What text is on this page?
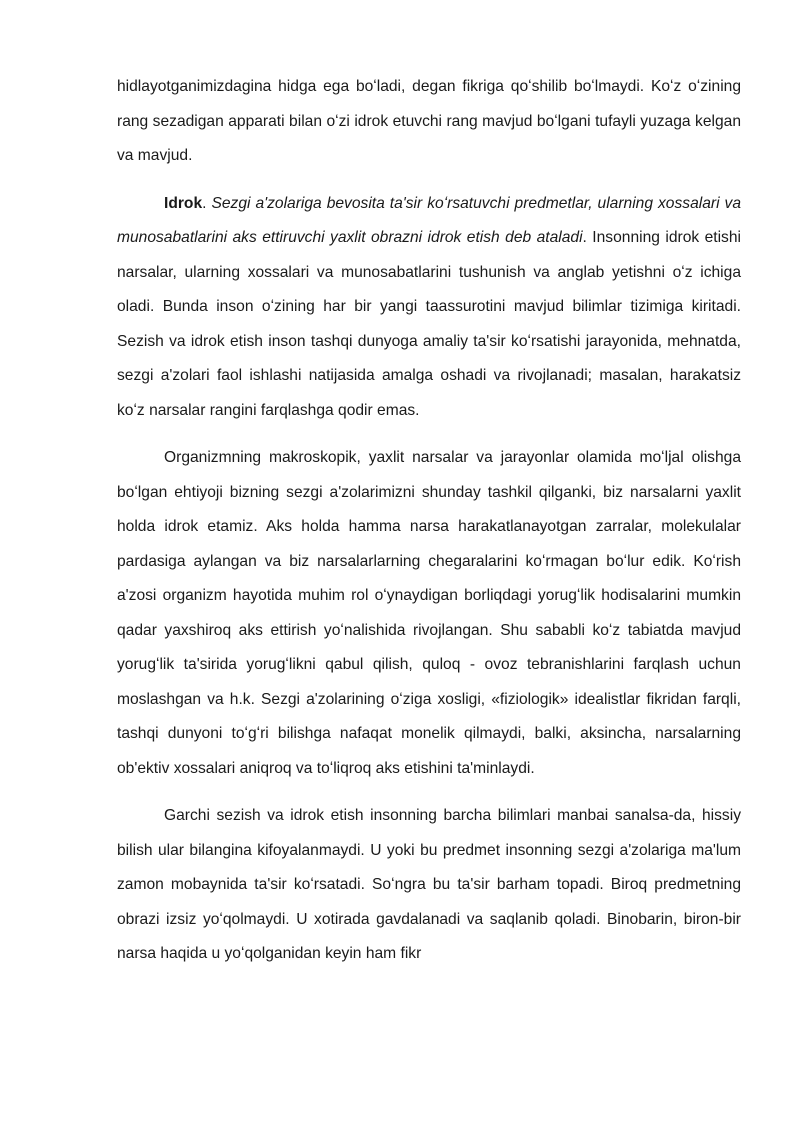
hidlayotganimizdagina hidga ega boʻladi, degan fikriga qoʻshilib boʻlmaydi. Koʻz oʻzining rang sezadigan apparati bilan oʻzi idrok etuvchi rang mavjud boʻlgani tufayli yuzaga kelgan va mavjud.

Idrok. Sezgi a'zolariga bevosita ta'sir koʻrsatuvchi predmetlar, ularning xossalari va munosabatlarini aks ettiruvchi yaxlit obrazni idrok etish deb ataladi. Insonning idrok etishi narsalar, ularning xossalari va munosabatlarini tushunish va anglab yetishni oʻz ichiga oladi. Bunda inson oʻzining har bir yangi taassurotini mavjud bilimlar tizimiga kiritadi. Sezish va idrok etish inson tashqi dunyoga amaliy ta'sir koʻrsatishi jarayonida, mehnatda, sezgi a'zolari faol ishlashi natijasida amalga oshadi va rivojlanadi; masalan, harakatsiz koʻz narsalar rangini farqlashga qodir emas.

Organizmning makroskopik, yaxlit narsalar va jarayonlar olamida moʻljal olishga boʻlgan ehtiyoji bizning sezgi a'zolarimizni shunday tashkil qilganki, biz narsalarni yaxlit holda idrok etamiz. Aks holda hamma narsa harakatlanayotgan zarralar, molekulalar pardasiga aylangan va biz narsalarlarning chegaralarini koʻrmagan boʻlur edik. Koʻrish a'zosi organizm hayotida muhim rol oʻynaydigan borliqdagi yorugʻlik hodisalarini mumkin qadar yaxshiroq aks ettirish yoʻnalishida rivojlangan. Shu sababli koʻz tabiatda mavjud yorugʻlik ta'sirida yorugʻlikni qabul qilish, quloq - ovoz tebranishlarini farqlash uchun moslashgan va h.k. Sezgi a'zolarining oʻziga xosligi, «fiziologik» idealistlar fikridan farqli, tashqi dunyoni toʻgʻri bilishga nafaqat monelik qilmaydi, balki, aksincha, narsalarning ob'ektiv xossalari aniqroq va toʻliqroq aks etishini ta'minlaydi.

Garchi sezish va idrok etish insonning barcha bilimlari manbai sanalsa-da, hissiy bilish ular bilangina kifoyalanmaydi. U yoki bu predmet insonning sezgi a'zolariga ma'lum zamon mobaynida ta'sir koʻrsatadi. Soʻngra bu ta'sir barham topadi. Biroq predmetning obrazi izsiz yoʻqolmaydi. U xotirada gavdalanadi va saqlanib qoladi. Binobarin, biron-bir narsa haqida u yoʻqolganidan keyin ham fikr
